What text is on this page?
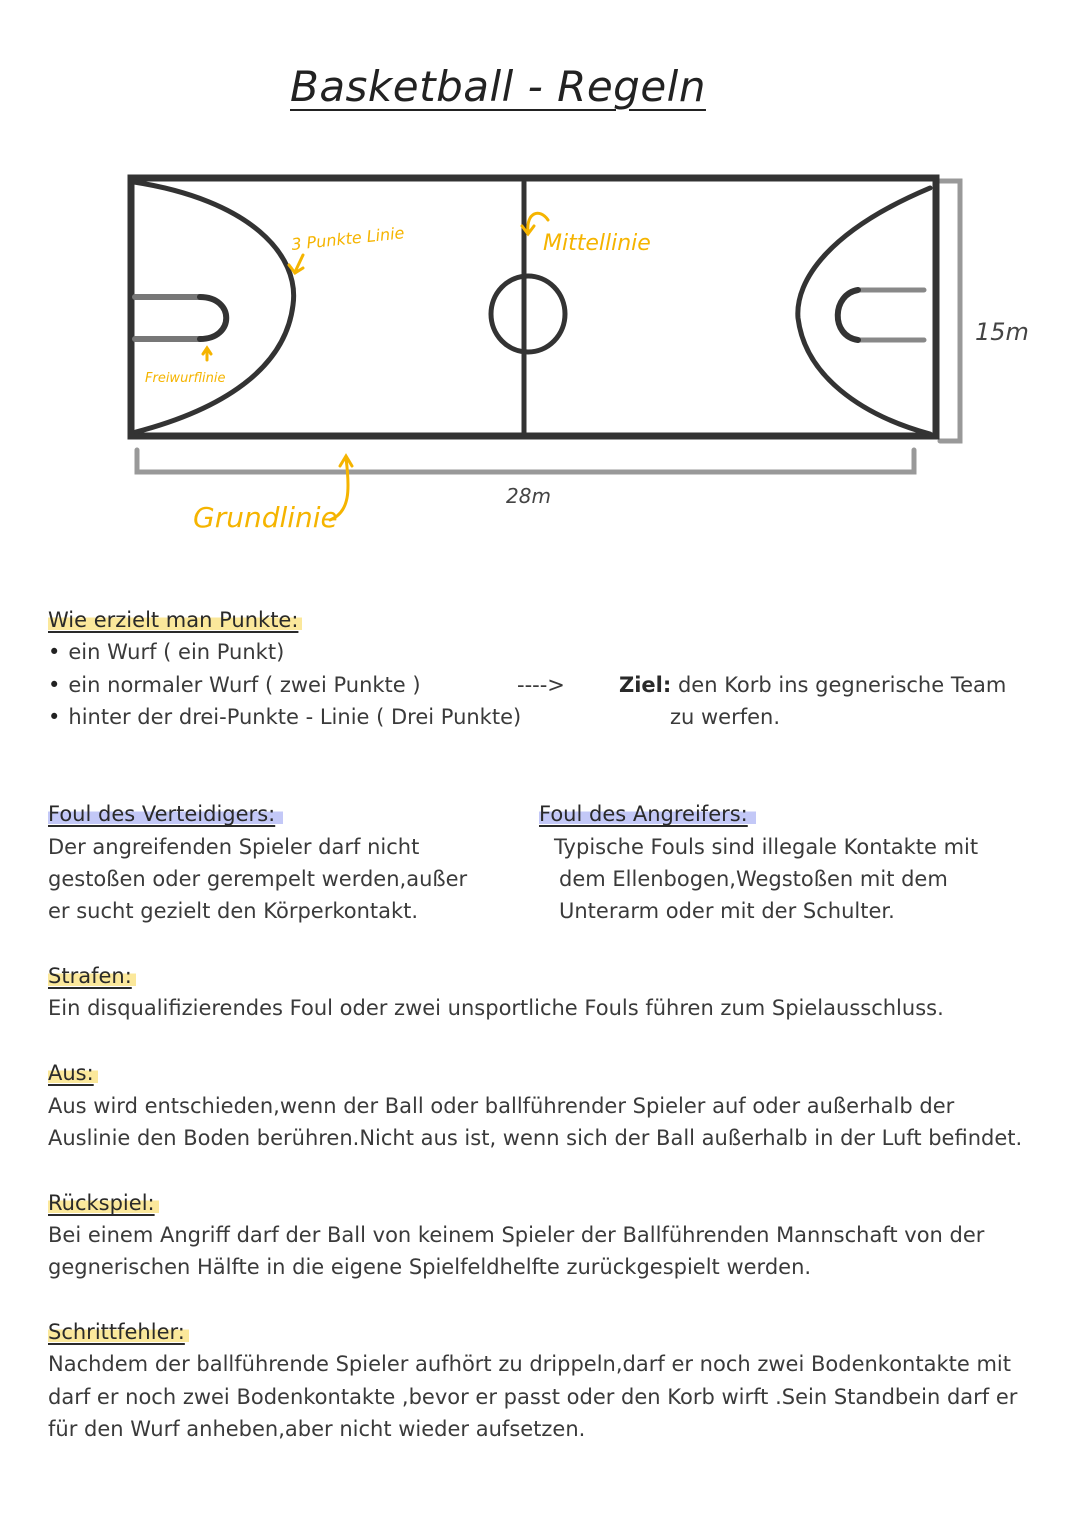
Basketball - Regeln
3 Punkte Linie	Mittellinie
Freiwurflinie
Grundlinie
15m
28m
Wie erzielt man Punkte:
• ein Wurf ( ein Punkt)
• ein normaler Wurf ( zwei Punkte )
• hinter der drei-Punkte - Linie ( Drei Punkte)
---->	Ziel: den Korb ins gegnerische Team
zu werfen.
Foul des Verteidigers:
Der angreifenden Spieler darf nicht
gestoßen oder gerempelt werden,außer
er sucht gezielt den Körperkontakt.
Foul des Angreifers:
Typische Fouls sind illegale Kontakte mit
dem Ellenbogen,Wegstoßen mit dem
Unterarm oder mit der Schulter.
Strafen:
Ein disqualifizierendes Foul oder zwei unsportliche Fouls führen zum Spielausschluss.
Aus:
Aus wird entschieden,wenn der Ball oder ballführender Spieler auf oder außerhalb der
Auslinie den Boden berühren.Nicht aus ist, wenn sich der Ball außerhalb in der Luft befindet.
Rückspiel:
Bei einem Angriff darf der Ball von keinem Spieler der Ballführenden Mannschaft von der
gegnerischen Hälfte in die eigene Spielfeldhelfte zurückgespielt werden.
Schrittfehler:
Nachdem der ballführende Spieler aufhört zu drippeln,darf er noch zwei Bodenkontakte mit
darf er noch zwei Bodenkontakte ,bevor er passt oder den Korb wirft .Sein Standbein darf er
für den Wurf anheben,aber nicht wieder aufsetzen.
